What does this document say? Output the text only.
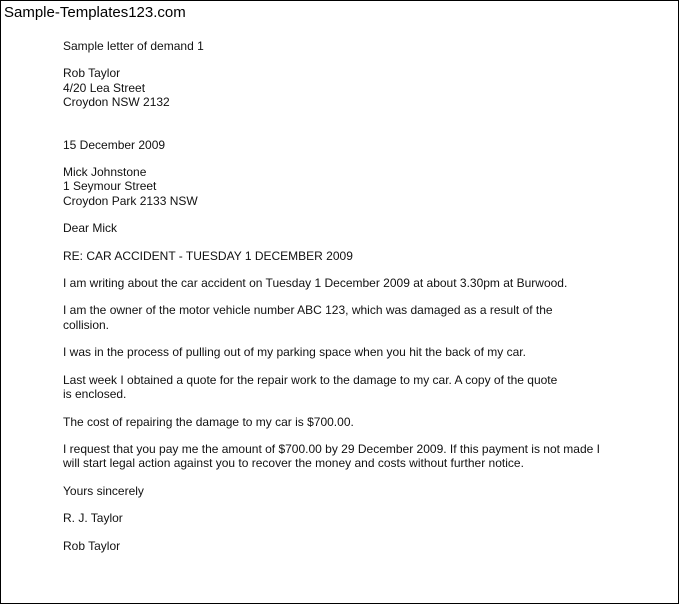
Sample-Templates123.com
Sample letter of demand 1
Rob Taylor
4/20 Lea Street
Croydon NSW 2132
15 December 2009
Mick Johnstone
1 Seymour Street
Croydon Park 2133 NSW
Dear Mick
RE: CAR ACCIDENT - TUESDAY 1 DECEMBER 2009
I am writing about the car accident on Tuesday 1 December 2009 at about 3.30pm at Burwood.
I am the owner of the motor vehicle number ABC 123, which was damaged as a result of the collision.
I was in the process of pulling out of my parking space when you hit the back of my car.
Last week I obtained a quote for the repair work to the damage to my car. A copy of the quote is enclosed.
The cost of repairing the damage to my car is $700.00.
I request that you pay me the amount of $700.00 by 29 December 2009. If this payment is not made I will start legal action against you to recover the money and costs without further notice.
Yours sincerely
R. J. Taylor
Rob Taylor
